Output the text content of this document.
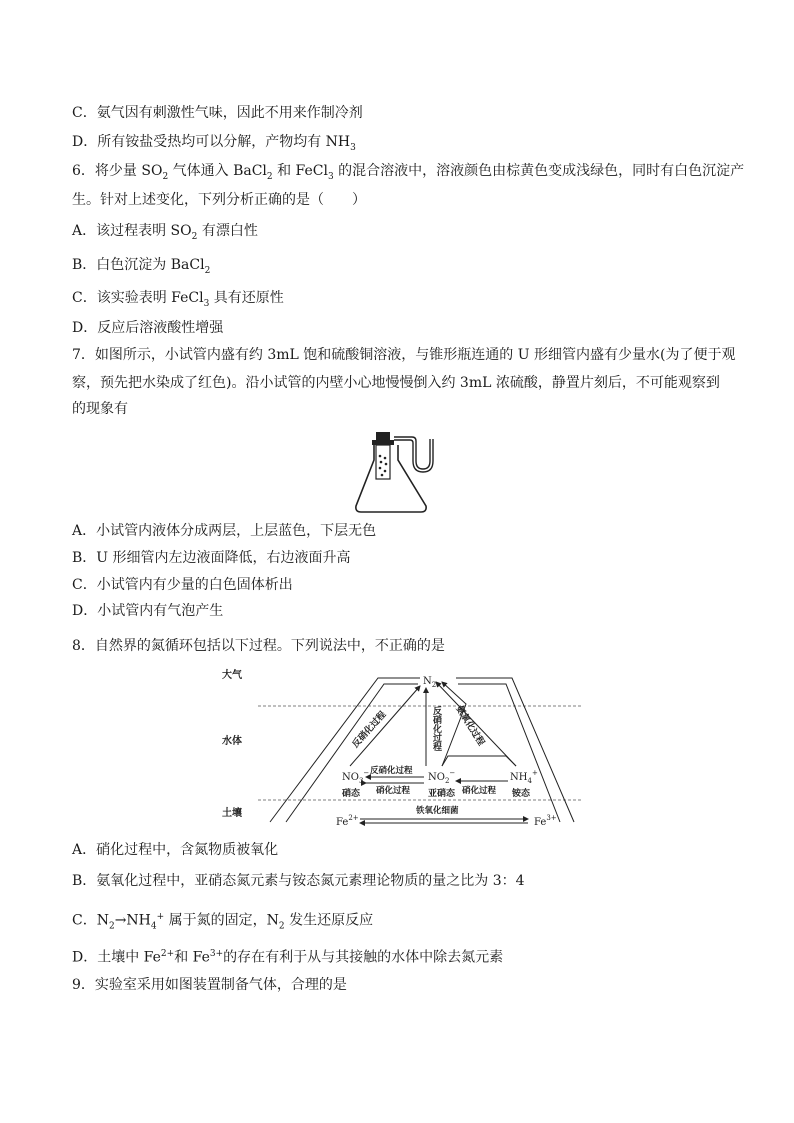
C．氨气因有刺激性气味，因此不用来作制冷剂
D．所有铵盐受热均可以分解，产物均有 $NH_3$
6．将少量 $SO_2$ 气体通入 BaCl$_2$ 和 FeCl$_3$ 的混合溶液中，溶液颜色由棕黄色变成浅绿色，同时有白色沉淀产
生。针对上述变化，下列分析正确的是（　　）
A．该过程表明 $SO_2$ 有漂白性
B．白色沉淀为 BaCl$_2$
C．该实验表明 FeCl$_3$ 具有还原性
D．反应后溶液酸性增强
7．如图所示，小试管内盛有约 3mL 饱和硫酸铜溶液，与锥形瓶连通的 U 形细管内盛有少量水(为了便于观
察，预先把水染成了红色)。沿小试管的内壁小心地慢慢倒入约 3mL 浓硫酸，静置片刻后，不可能观察到
的现象有
A．小试管内液体分成两层，上层蓝色，下层无色
B．U 形细管内左边液面降低，右边液面升高
C．小试管内有少量的白色固体析出
D．小试管内有气泡产生
8．自然界的氮循环包括以下过程。下列说法中，不正确的是
大气
水体
土壤
$N_2$
$NO_3^-$
硝态
$NO_2^-$
亚硝态
$NH_4^+$
铵态
反硝化过程
反硝化过程	氨氧化过程
反硝化过程
硝化过程	硝化过程
$Fe^{2+}$	$Fe^{3+}$
铁氧化细菌
A．硝化过程中，含氮物质被氧化
B．氨氧化过程中，亚硝态氮元素与铵态氮元素理论物质的量之比为 3：4
C．$N_2\to NH_4^+$ 属于氮的固定，$N_2$ 发生还原反应
D．土壤中 $Fe^{2+}$和 $Fe^{3+}$的存在有利于从与其接触的水体中除去氮元素
9．实验室采用如图装置制备气体，合理的是
